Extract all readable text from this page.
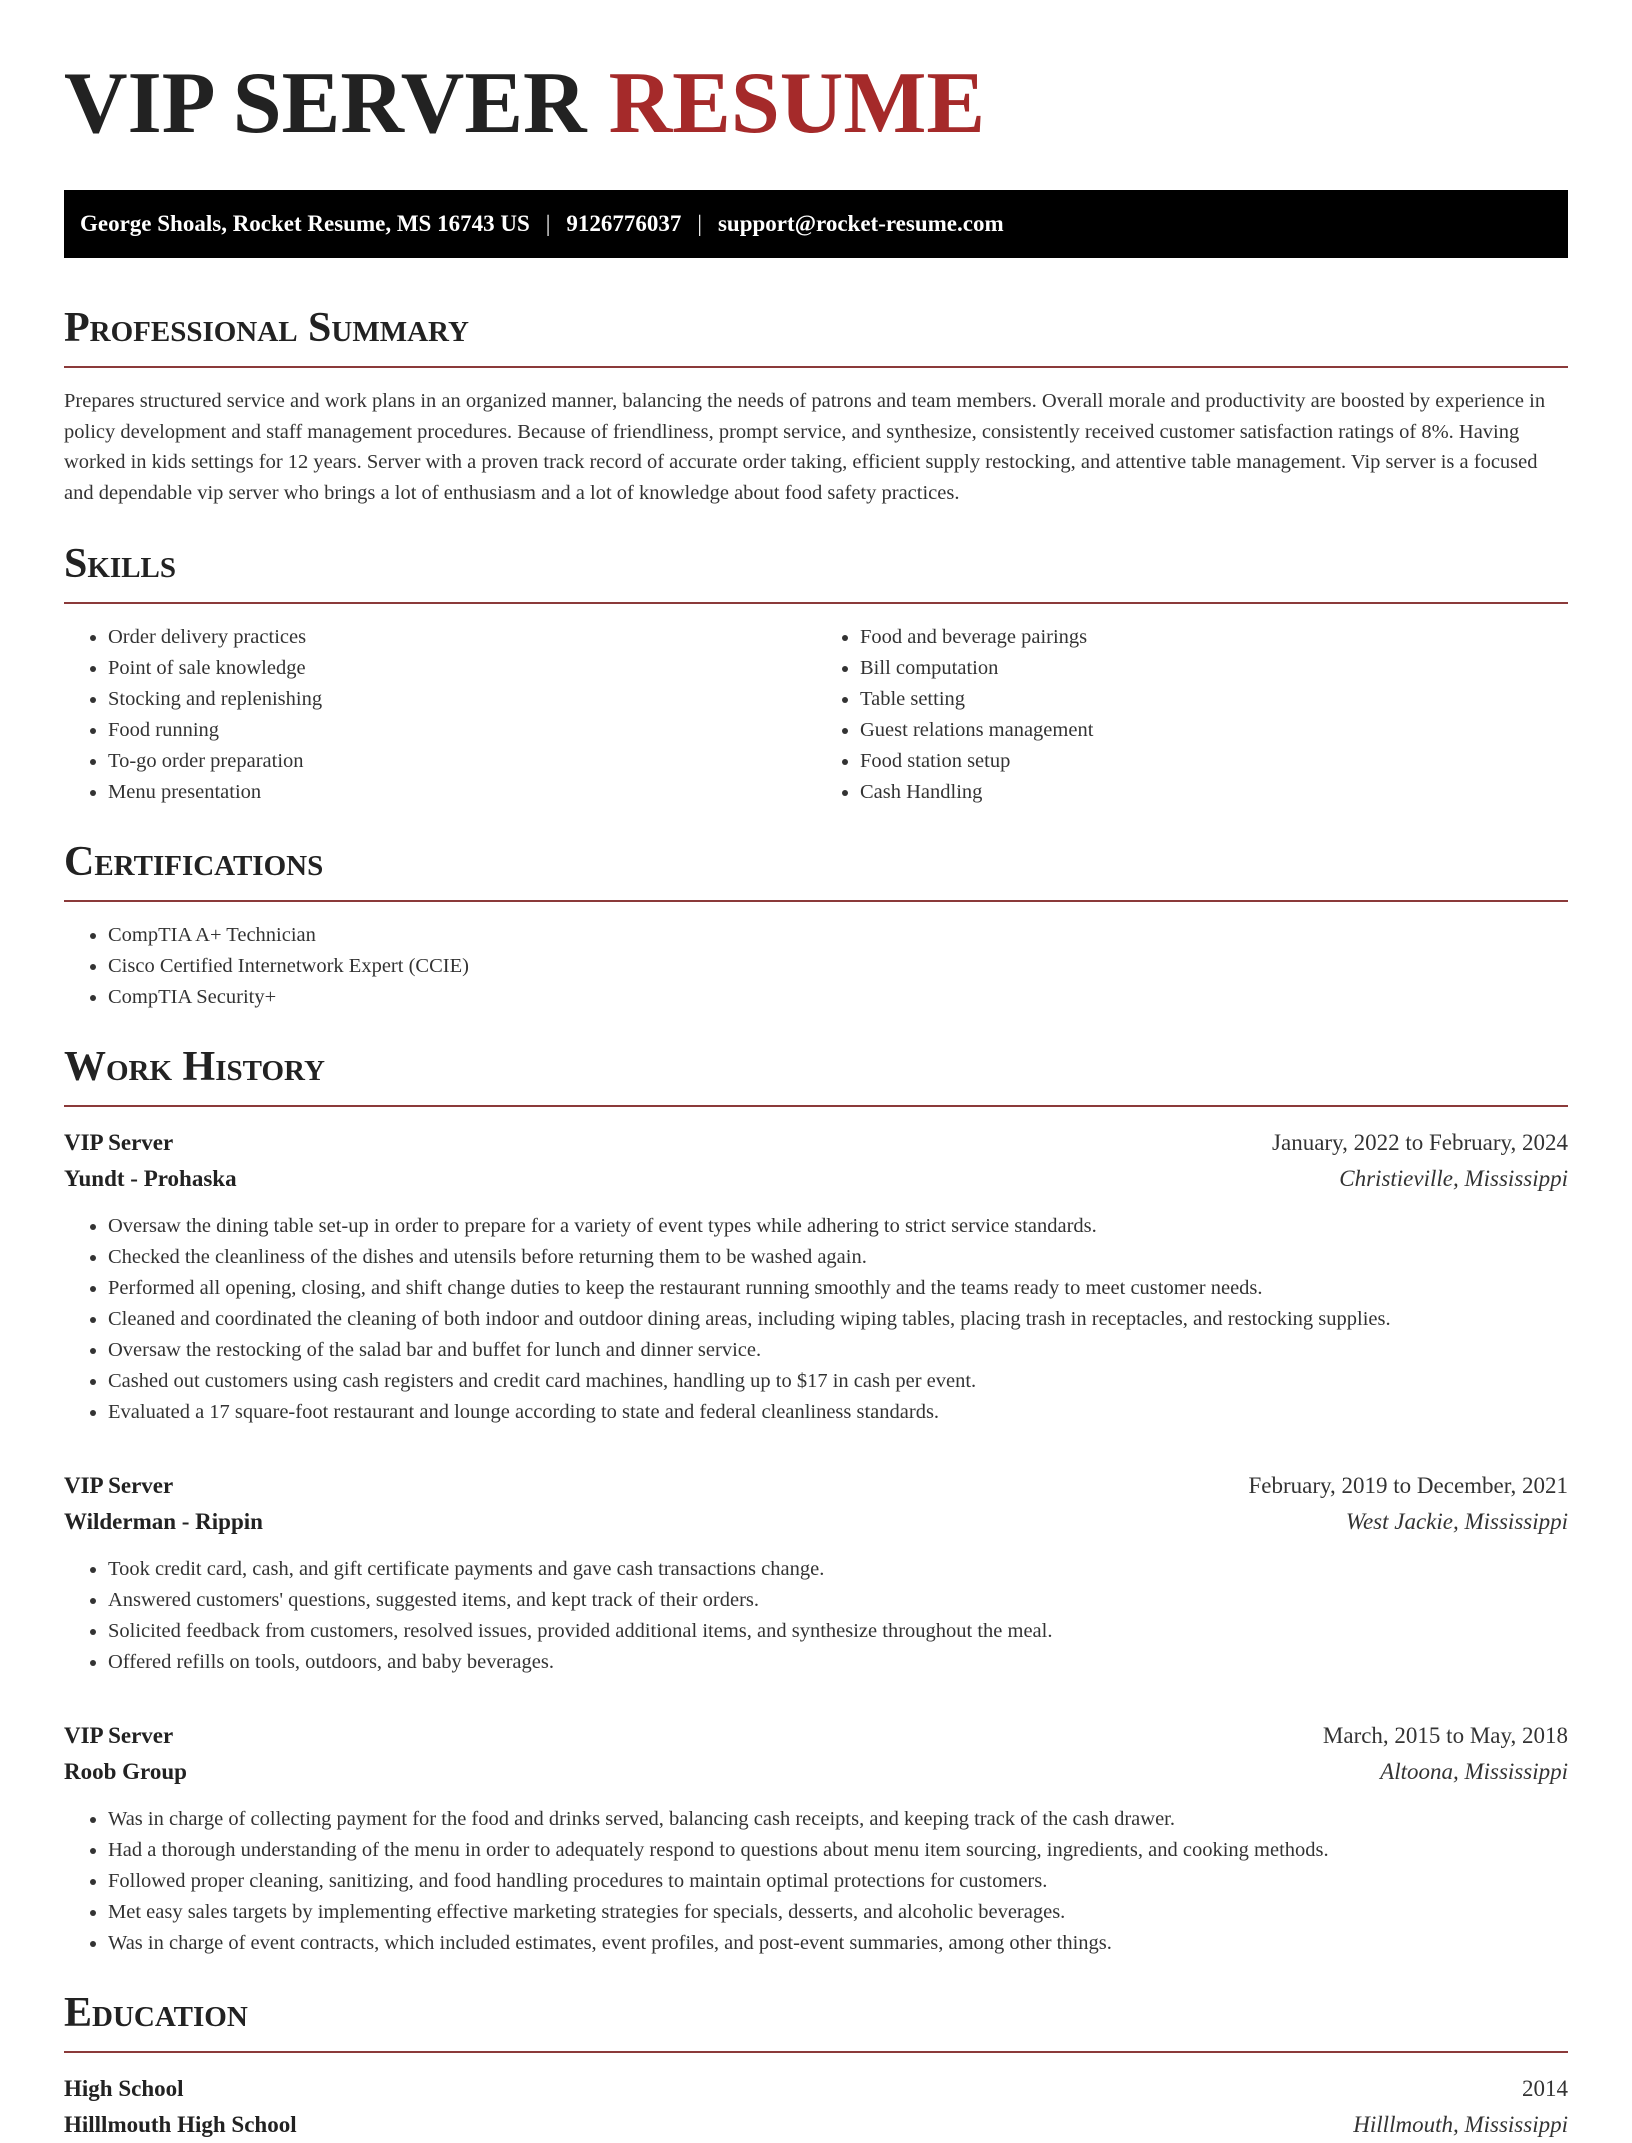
VIP SERVER RESUME
George Shoals, Rocket Resume, MS 16743 US | 9126776037 | support@rocket-resume.com
Professional Summary

Prepares structured service and work plans in an organized manner, balancing the needs of patrons and team members. Overall morale and productivity are boosted by experience in policy development and staff management procedures. Because of friendliness, prompt service, and synthesize, consistently received customer satisfaction ratings of 8%. Having worked in kids settings for 12 years. Server with a proven track record of accurate order taking, efficient supply restocking, and attentive table management. Vip server is a focused and dependable vip server who brings a lot of enthusiasm and a lot of knowledge about food safety practices.

Skills
• Order delivery practices
• Point of sale knowledge
• Stocking and replenishing
• Food running
• To-go order preparation
• Menu presentation
• Food and beverage pairings
• Bill computation
• Table setting
• Guest relations management
• Food station setup
• Cash Handling
Certifications
• CompTIA A+ Technician
• Cisco Certified Internetwork Expert (CCIE)
• CompTIA Security+
Work History
VIP Server	January, 2022 to February, 2024
Yundt - Prohaska	Christieville, Mississippi
• Oversaw the dining table set-up in order to prepare for a variety of event types while adhering to strict service standards.
• Checked the cleanliness of the dishes and utensils before returning them to be washed again.
• Performed all opening, closing, and shift change duties to keep the restaurant running smoothly and the teams ready to meet customer needs.
• Cleaned and coordinated the cleaning of both indoor and outdoor dining areas, including wiping tables, placing trash in receptacles, and restocking supplies.
• Oversaw the restocking of the salad bar and buffet for lunch and dinner service.
• Cashed out customers using cash registers and credit card machines, handling up to $17 in cash per event.
• Evaluated a 17 square-foot restaurant and lounge according to state and federal cleanliness standards.
VIP Server	February, 2019 to December, 2021
Wilderman - Rippin	West Jackie, Mississippi
• Took credit card, cash, and gift certificate payments and gave cash transactions change.
• Answered customers' questions, suggested items, and kept track of their orders.
• Solicited feedback from customers, resolved issues, provided additional items, and synthesize throughout the meal.
• Offered refills on tools, outdoors, and baby beverages.
VIP Server	March, 2015 to May, 2018
Roob Group	Altoona, Mississippi
• Was in charge of collecting payment for the food and drinks served, balancing cash receipts, and keeping track of the cash drawer.
• Had a thorough understanding of the menu in order to adequately respond to questions about menu item sourcing, ingredients, and cooking methods.
• Followed proper cleaning, sanitizing, and food handling procedures to maintain optimal protections for customers.
• Met easy sales targets by implementing effective marketing strategies for specials, desserts, and alcoholic beverages.
• Was in charge of event contracts, which included estimates, event profiles, and post-event summaries, among other things.
Education
High School	2014
Hilllmouth High School	Hilllmouth, Mississippi
